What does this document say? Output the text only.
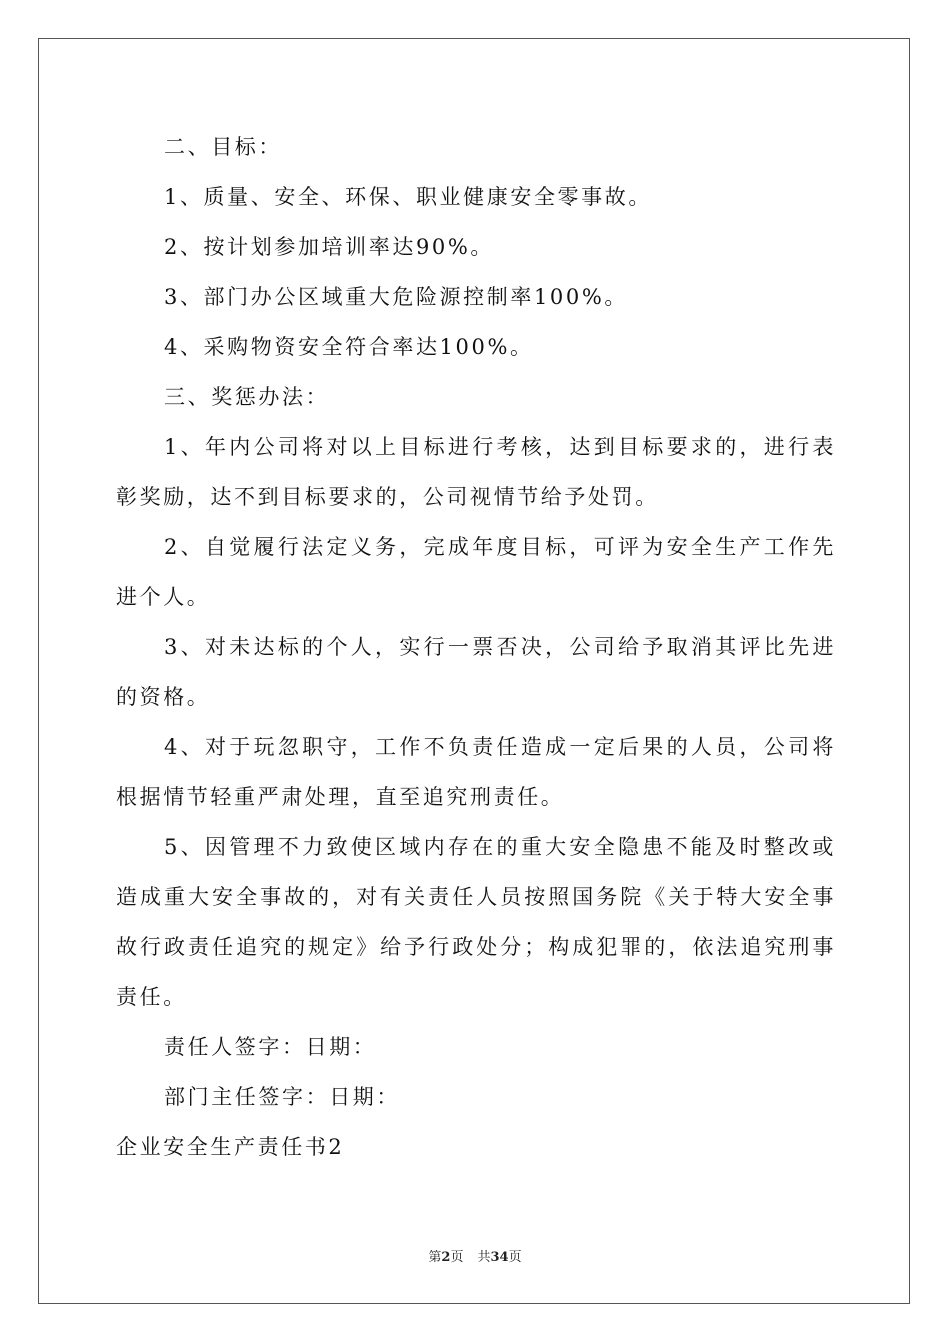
二、目标：

1、质量、安全、环保、职业健康安全零事故。

2、按计划参加培训率达90%。

3、部门办公区域重大危险源控制率100%。

4、采购物资安全符合率达100%。

三、奖惩办法：

1、年内公司将对以上目标进行考核，达到目标要求的，进行表彰奖励，达不到目标要求的，公司视情节给予处罚。

2、自觉履行法定义务，完成年度目标，可评为安全生产工作先进个人。

3、对未达标的个人，实行一票否决，公司给予取消其评比先进的资格。

4、对于玩忽职守，工作不负责任造成一定后果的人员，公司将根据情节轻重严肃处理，直至追究刑责任。

5、因管理不力致使区域内存在的重大安全隐患不能及时整改或造成重大安全事故的，对有关责任人员按照国务院《关于特大安全事故行政责任追究的规定》给予行政处分；构成犯罪的，依法追究刑事责任。

责任人签字：日期：

部门主任签字：日期：

企业安全生产责任书2

第2页 共34页
